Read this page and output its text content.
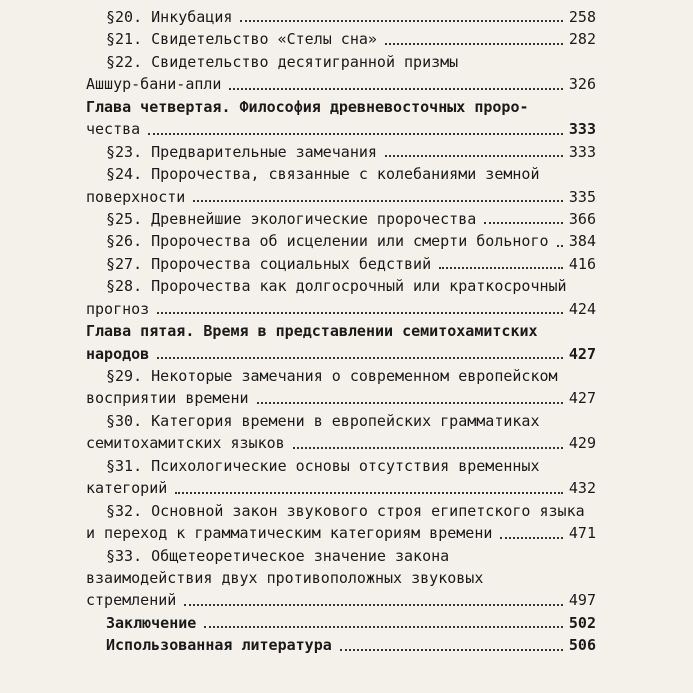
§20. Инкубация	258
§21. Свидетельство «Стелы сна»	282
§22. Свидетельство десятигранной призмы
Ашшур-бани-апли	326
Глава четвертая. Философия древневосточных проро-
чества	333
§23. Предварительные замечания	333
§24. Пророчества, связанные с колебаниями земной
поверхности	335
§25. Древнейшие экологические пророчества	366
§26. Пророчества об исцелении или смерти больного 384
§27. Пророчества социальных бедствий	416
§28. Пророчества как долгосрочный или краткосрочный
прогноз	424
Глава пятая. Время в представлении семитохамитских
народов	427
§29. Некоторые замечания о современном европейском
восприятии времени	427
§30. Категория времени в европейских грамматиках
семитохамитских языков	429
§31. Психологические основы отсутствия временных
категорий	432
§32. Основной закон звукового строя египетского языка
и переход к грамматическим категориям времени	471
§33. Общетеоретическое значение закона
взаимодействия двух противоположных звуковых
стремлений	497
Заключение	502
Использованная литература	506
